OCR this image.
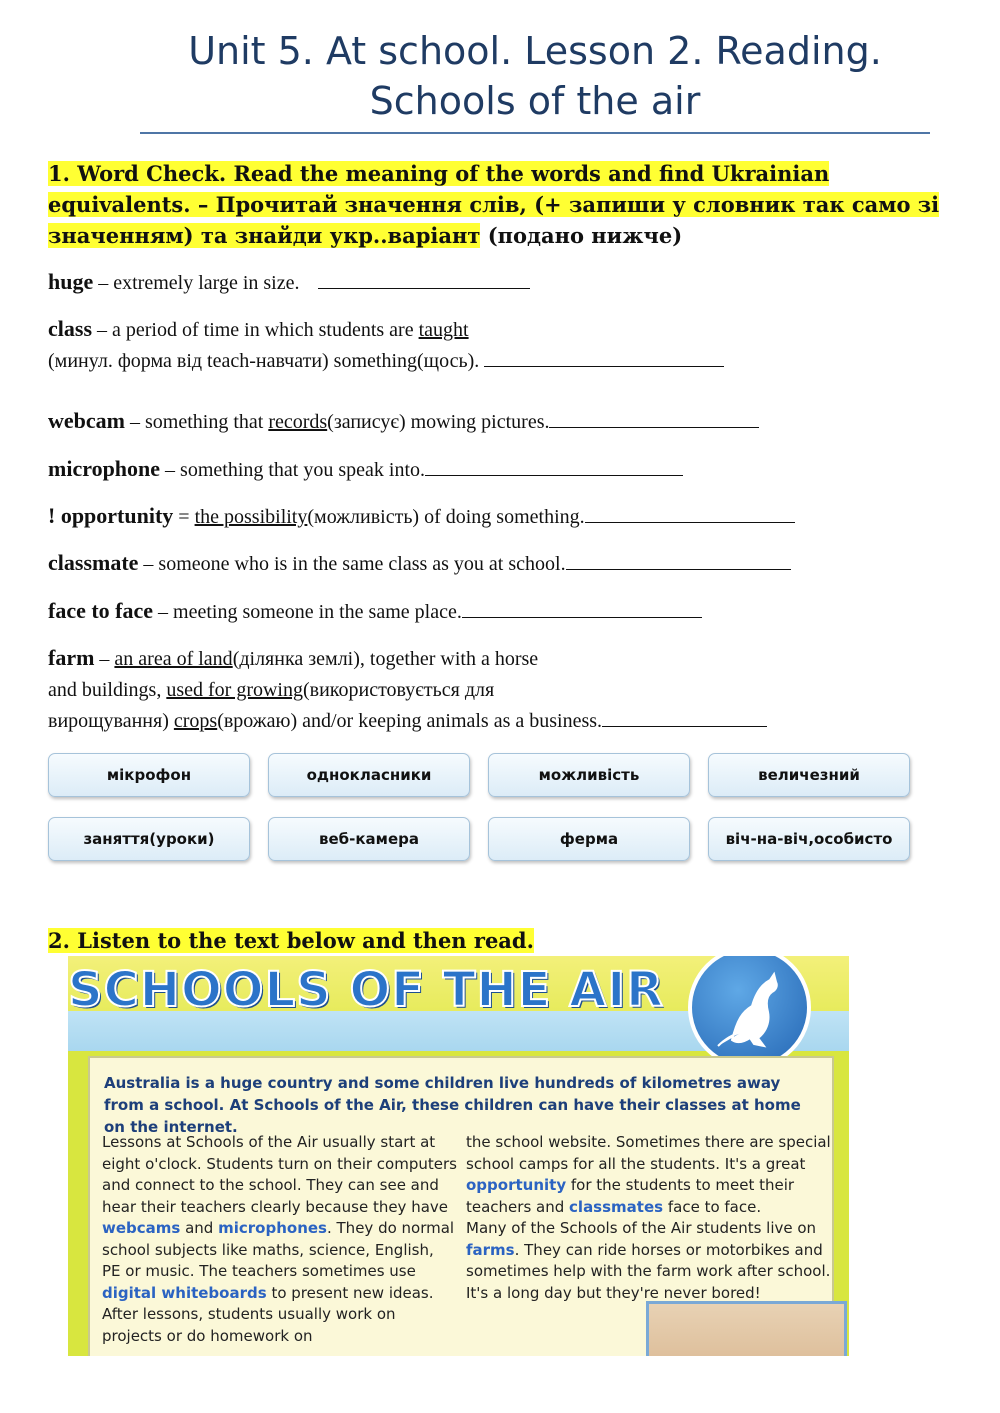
Unit 5. At school. Lesson 2. Reading.
Schools of the air
1. Word Check. Read the meaning of the words and find Ukrainian equivalents. – Прочитай значення слів, (+ запиши у словник так само зі значенням) та знайди укр..варіант (подано нижче)
huge – extremely large in size.
class – a period of time in which students are taught
(минул. форма від teach-навчати) something(щось).
webcam – something that records(записує) mowing pictures.
microphone – something that you speak into.
! opportunity = the possibility(можливість) of doing something.
classmate – someone who is in the same class as you at school.
face to face – meeting someone in the same place.
farm – an area of land(ділянка землі), together with a horse
and buildings, used for growing(використовується для
вирощування) crops(врожаю) and/or keeping animals as a business.
мікрофон	однокласники	можливість	величезний
заняття(уроки)	веб-камера	ферма	віч-на-віч,особисто
2. Listen to the text below and then read.
SCHOOLS OF THE AIR
Australia is a huge country and some children live hundreds of kilometres away from a school. At Schools of the Air, these children can have their classes at home on the internet.
Lessons at Schools of the Air usually start at eight o'clock. Students turn on their computers and connect to the school. They can see and hear their teachers clearly because they have webcams and microphones. They do normal school subjects like maths, science, English, PE or music. The teachers sometimes use digital whiteboards to present new ideas. After lessons, students usually work on projects or do homework on
the school website. Sometimes there are special school camps for all the students. It's a great opportunity for the students to meet their teachers and classmates face to face.
Many of the Schools of the Air students live on farms. They can ride horses or motorbikes and sometimes help with the farm work after school. It's a long day but they're never bored!
